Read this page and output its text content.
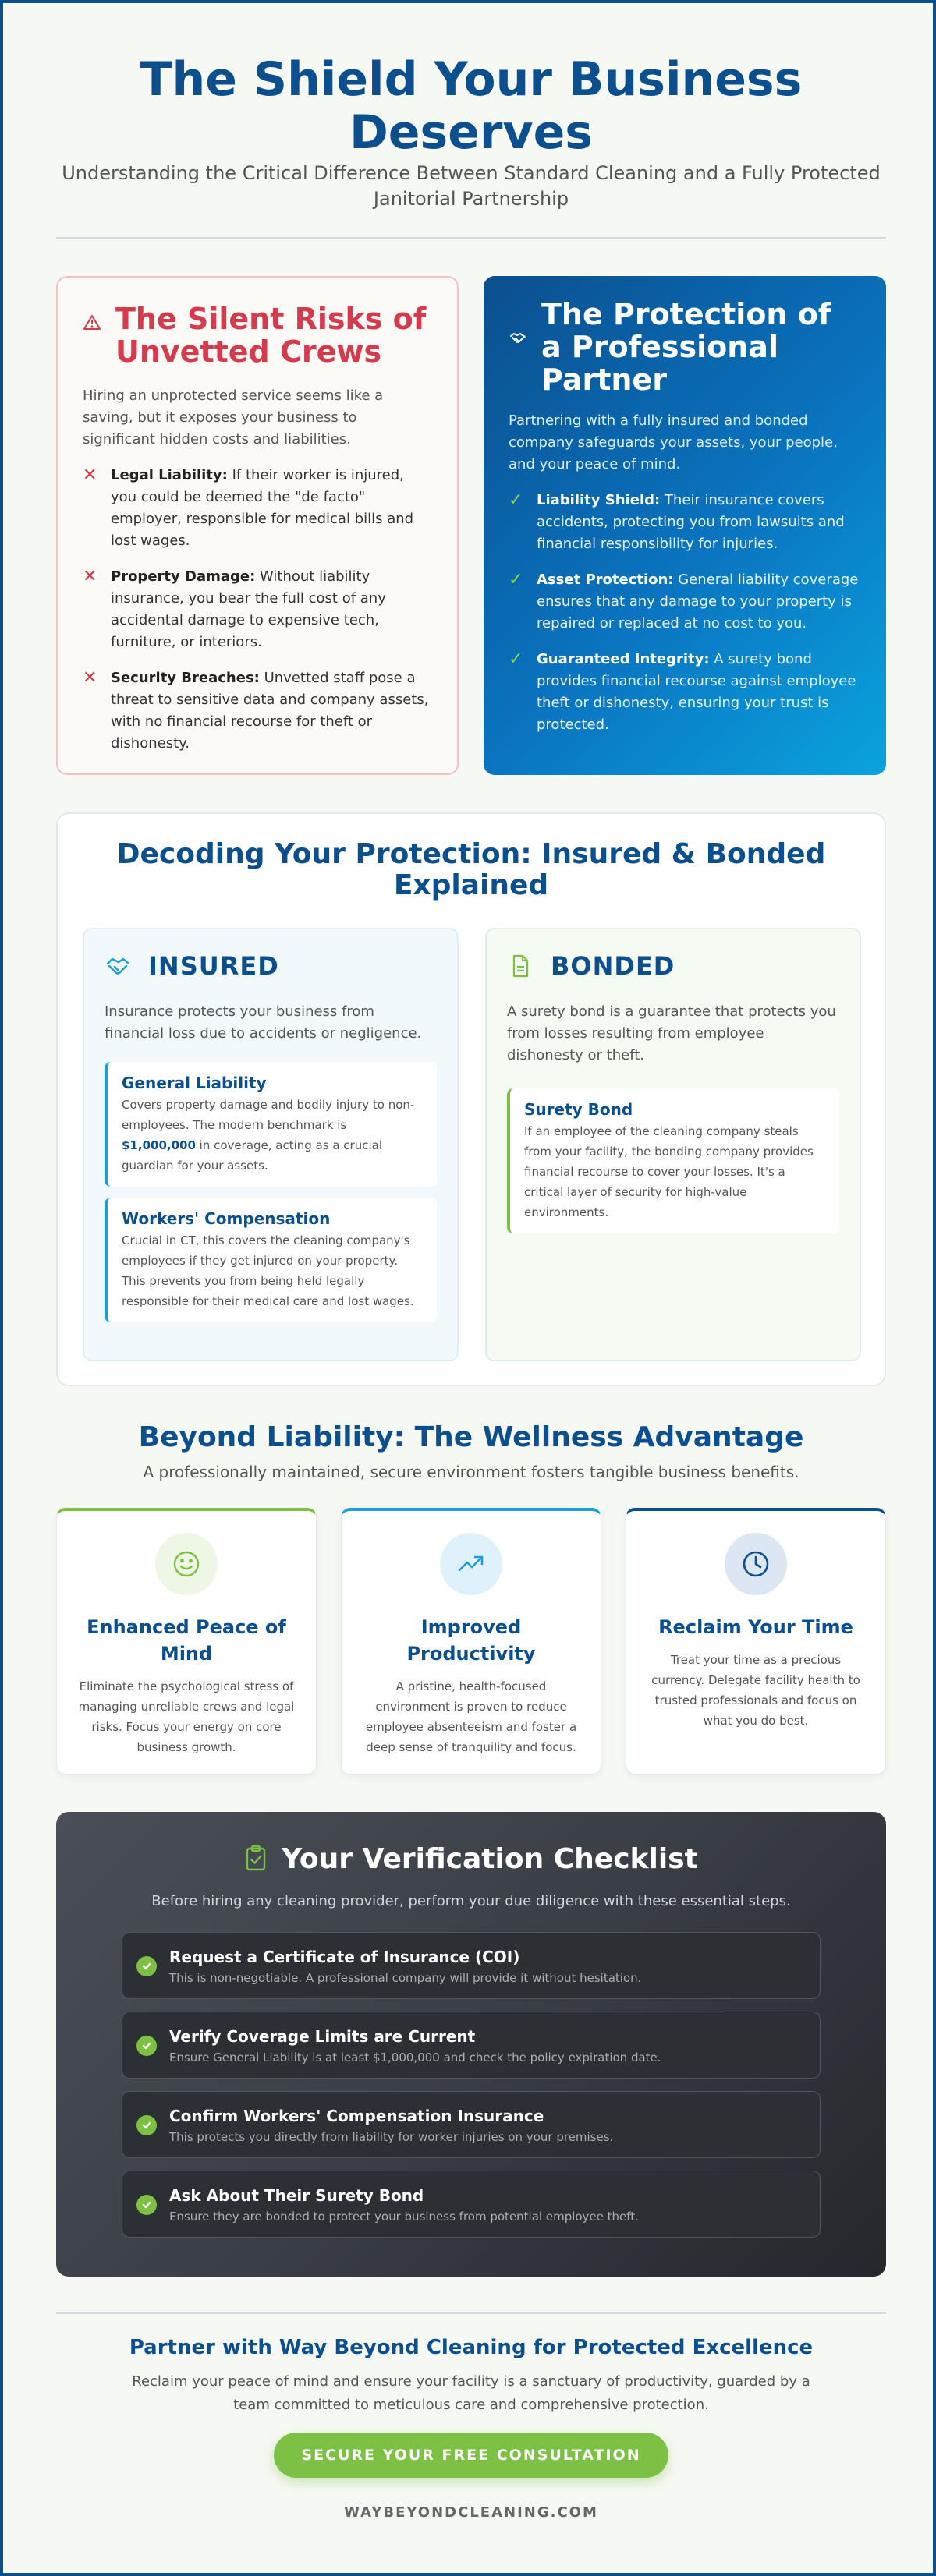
The Shield Your Business Deserves

Understanding the Critical Difference Between Standard Cleaning and a Fully Protected Janitorial Partnership

The Silent Risks of Unvetted Crews

Hiring an unprotected service seems like a saving, but it exposes your business to significant hidden costs and liabilities.

✕ Legal Liability: If their worker is injured, you could be deemed the "de facto" employer, responsible for medical bills and lost wages.
✕ Property Damage: Without liability insurance, you bear the full cost of any accidental damage to expensive tech, furniture, or interiors.
✕ Security Breaches: Unvetted staff pose a threat to sensitive data and company assets, with no financial recourse for theft or dishonesty.
The Protection of a Professional Partner

Partnering with a fully insured and bonded company safeguards your assets, your people, and your peace of mind.

✓ Liability Shield: Their insurance covers accidents, protecting you from lawsuits and financial responsibility for injuries.
✓ Asset Protection: General liability coverage ensures that any damage to your property is repaired or replaced at no cost to you.
✓ Guaranteed Integrity: A surety bond provides financial recourse against employee theft or dishonesty, ensuring your trust is protected.
Decoding Your Protection: Insured & Bonded Explained
INSURED

Insurance protects your business from financial loss due to accidents or negligence.

General Liability
Covers property damage and bodily injury to non-employees. The modern benchmark is $1,000,000 in coverage, acting as a crucial guardian for your assets.
Workers' Compensation
Crucial in CT, this covers the cleaning company's employees if they get injured on your property. This prevents you from being held legally responsible for their medical care and lost wages.
BONDED

A surety bond is a guarantee that protects you from losses resulting from employee dishonesty or theft.

Surety Bond
If an employee of the cleaning company steals from your facility, the bonding company provides financial recourse to cover your losses. It's a critical layer of security for high-value environments.
Beyond Liability: The Wellness Advantage

A professionally maintained, secure environment fosters tangible business benefits.

Enhanced Peace of Mind
Eliminate the psychological stress of managing unreliable crews and legal risks. Focus your energy on core business growth.
Improved Productivity
A pristine, health-focused environment is proven to reduce employee absenteeism and foster a deep sense of tranquility and focus.
Reclaim Your Time
Treat your time as a precious currency. Delegate facility health to trusted professionals and focus on what you do best.
Your Verification Checklist

Before hiring any cleaning provider, perform your due diligence with these essential steps.

Request a Certificate of Insurance (COI)
This is non-negotiable. A professional company will provide it without hesitation.
Verify Coverage Limits are Current
Ensure General Liability is at least $1,000,000 and check the policy expiration date.
Confirm Workers' Compensation Insurance
This protects you directly from liability for worker injuries on your premises.
Ask About Their Surety Bond
Ensure they are bonded to protect your business from potential employee theft.
Partner with Way Beyond Cleaning for Protected Excellence

Reclaim your peace of mind and ensure your facility is a sanctuary of productivity, guarded by a team committed to meticulous care and comprehensive protection.

SECURE YOUR FREE CONSULTATION
WAYBEYONDCLEANING.COM
